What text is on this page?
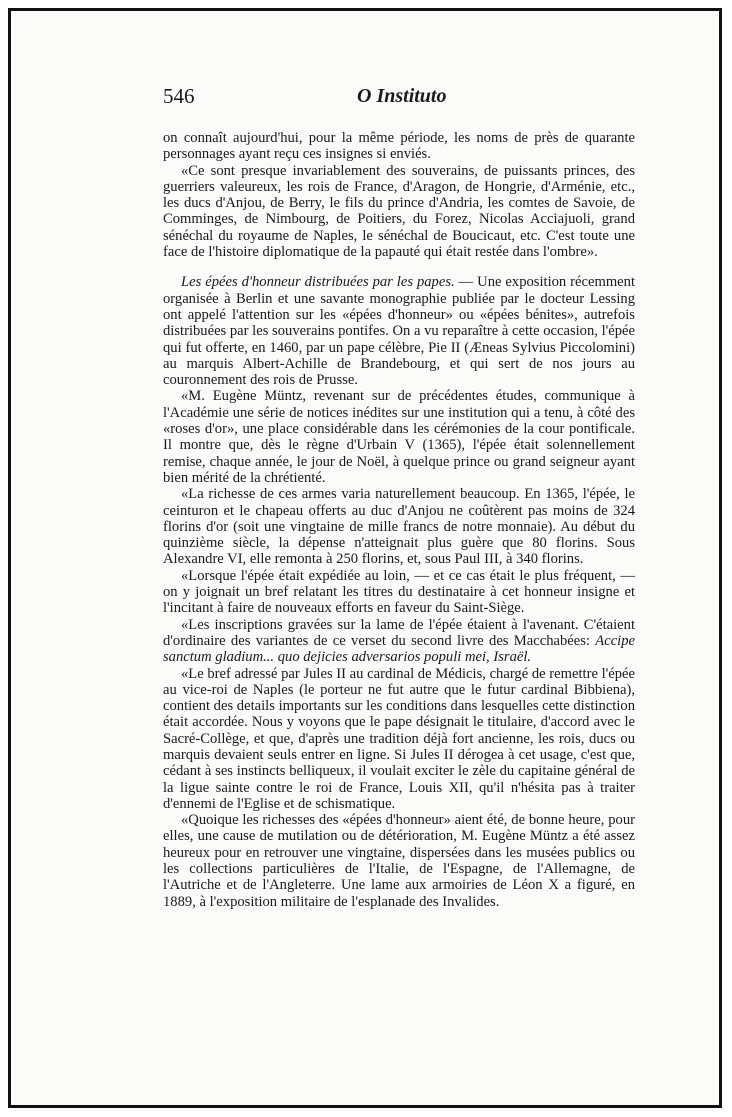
546	O Instituto

on connaît aujourd'hui, pour la même période, les noms de près de quarante personnages ayant reçu ces insignes si enviés.

«Ce sont presque invariablement des souverains, de puissants princes, des guerriers valeureux, les rois de France, d'Aragon, de Hongrie, d'Arménie, etc., les ducs d'Anjou, de Berry, le fils du prince d'Andria, les comtes de Savoie, de Comminges, de Nimbourg, de Poitiers, du Forez, Nicolas Acciajuoli, grand sénéchal du royaume de Naples, le sénéchal de Boucicaut, etc. C'est toute une face de l'histoire diplomatique de la papauté qui était restée dans l'ombre».

Les épées d'honneur distribuées par les papes. — Une exposition récemment organisée à Berlin et une savante monographie publiée par le docteur Lessing ont appelé l'attention sur les «épées d'honneur» ou «épées bénites», autrefois distribuées par les souverains pontifes. On a vu reparaître à cette occasion, l'épée qui fut offerte, en 1460, par un pape célèbre, Pie II (Æneas Sylvius Piccolomini) au marquis Albert-Achille de Brandebourg, et qui sert de nos jours au couronnement des rois de Prusse.

«M. Eugène Müntz, revenant sur de précédentes études, communique à l'Académie une série de notices inédites sur une institution qui a tenu, à côté des «roses d'or», une place considérable dans les cérémonies de la cour pontificale. Il montre que, dès le règne d'Urbain V (1365), l'épée était solennellement remise, chaque année, le jour de Noël, à quelque prince ou grand seigneur ayant bien mérité de la chrétienté.

«La richesse de ces armes varia naturellement beaucoup. En 1365, l'épée, le ceinturon et le chapeau offerts au duc d'Anjou ne coûtèrent pas moins de 324 florins d'or (soit une vingtaine de mille francs de notre monnaie). Au début du quinzième siècle, la dépense n'atteignait plus guère que 80 florins. Sous Alexandre VI, elle remonta à 250 florins, et, sous Paul III, à 340 florins.

«Lorsque l'épée était expédiée au loin, — et ce cas était le plus fréquent, — on y joignait un bref relatant les titres du destinataire à cet honneur insigne et l'incitant à faire de nouveaux efforts en faveur du Saint-Siège.

«Les inscriptions gravées sur la lame de l'épée étaient à l'avenant. C'étaient d'ordinaire des variantes de ce verset du second livre des Macchabées: Accipe sanctum gladium... quo dejicies adversarios populi mei, Israël.

«Le bref adressé par Jules II au cardinal de Médicis, chargé de remettre l'épée au vice-roi de Naples (le porteur ne fut autre que le futur cardinal Bibbiena), contient des details importants sur les conditions dans lesquelles cette distinction était accordée. Nous y voyons que le pape désignait le titulaire, d'accord avec le Sacré-Collège, et que, d'après une tradition déjà fort ancienne, les rois, ducs ou marquis devaient seuls entrer en ligne. Si Jules II dérogea à cet usage, c'est que, cédant à ses instincts belliqueux, il voulait exciter le zèle du capitaine général de la ligue sainte contre le roi de France, Louis XII, qu'il n'hésita pas à traiter d'ennemi de l'Eglise et de schismatique.

«Quoique les richesses des «épées d'honneur» aient été, de bonne heure, pour elles, une cause de mutilation ou de détérioration, M. Eugène Müntz a été assez heureux pour en retrouver une vingtaine, dispersées dans les musées publics ou les collections particulières de l'Italie, de l'Espagne, de l'Allemagne, de l'Autriche et de l'Angleterre. Une lame aux armoiries de Léon X a figuré, en 1889, à l'exposition militaire de l'esplanade des Invalides.
